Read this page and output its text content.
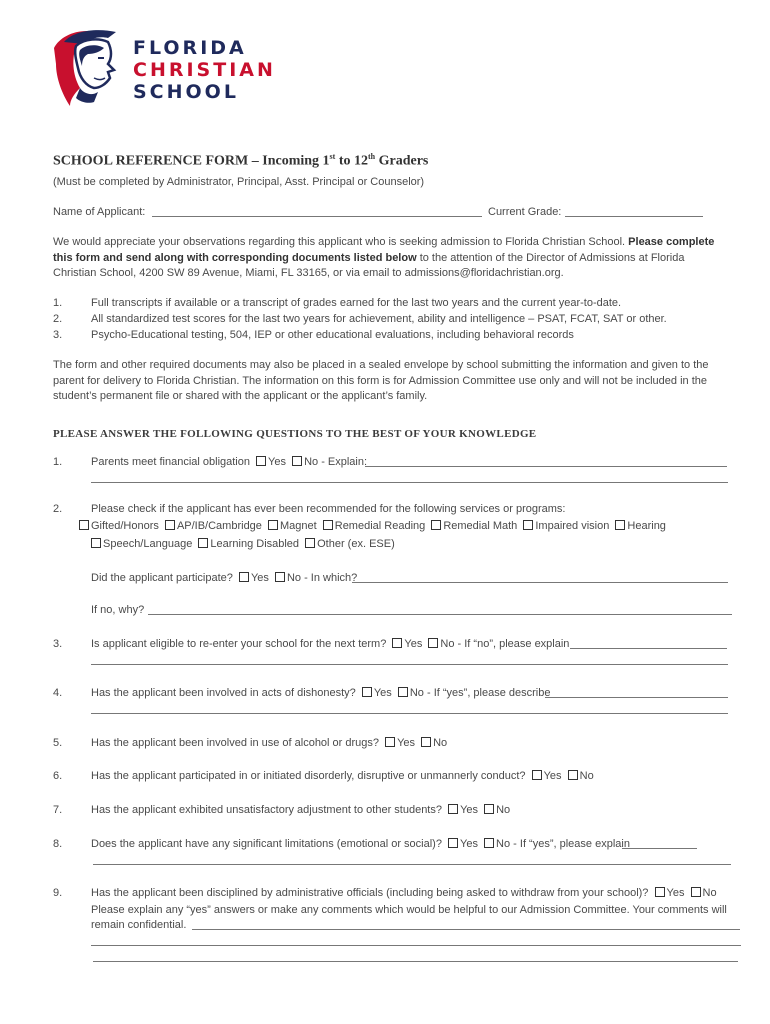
FLORIDA
CHRISTIAN
SCHOOL
SCHOOL REFERENCE FORM – Incoming 1st to 12th Graders
(Must be completed by Administrator, Principal, Asst. Principal or Counselor)
Name of Applicant:	Current Grade:
We would appreciate your observations regarding this applicant who is seeking admission to Florida Christian School. Please complete this form and send along with corresponding documents listed below to the attention of the Director of Admissions at Florida Christian School, 4200 SW 89 Avenue, Miami, FL 33165, or via email to admissions@floridachristian.org.
1.	Full transcripts if available or a transcript of grades earned for the last two years and the current year-to-date.
2.	All standardized test scores for the last two years for achievement, ability and intelligence – PSAT, FCAT, SAT or other.
3.	Psycho-Educational testing, 504, IEP or other educational evaluations, including behavioral records
The form and other required documents may also be placed in a sealed envelope by school submitting the information and given to the parent for delivery to Florida Christian. The information on this form is for Admission Committee use only and will not be included in the student’s permanent file or shared with the applicant or the applicant’s family.
PLEASE ANSWER THE FOLLOWING QUESTIONS TO THE BEST OF YOUR KNOWLEDGE
1.	Parents meet financial obligation Yes No - Explain:
2.	Please check if the applicant has ever been recommended for the following services or programs:
Gifted/Honors AP/IB/Cambridge Magnet Remedial Reading Remedial Math Impaired vision Hearing
Speech/Language Learning Disabled Other (ex. ESE)
Did the applicant participate? Yes No - In which?
If no, why?
3.	Is applicant eligible to re-enter your school for the next term? Yes No - If “no”, please explain
4.	Has the applicant been involved in acts of dishonesty? Yes No - If “yes”, please describe
5.	Has the applicant been involved in use of alcohol or drugs? Yes No
6.	Has the applicant participated in or initiated disorderly, disruptive or unmannerly conduct? Yes No
7.	Has the applicant exhibited unsatisfactory adjustment to other students? Yes No
8.	Does the applicant have any significant limitations (emotional or social)? Yes No - If “yes”, please explain
9.	Has the applicant been disciplined by administrative officials (including being asked to withdraw from your school)? Yes No
Please explain any “yes” answers or make any comments which would be helpful to our Admission Committee. Your comments will
remain confidential.
